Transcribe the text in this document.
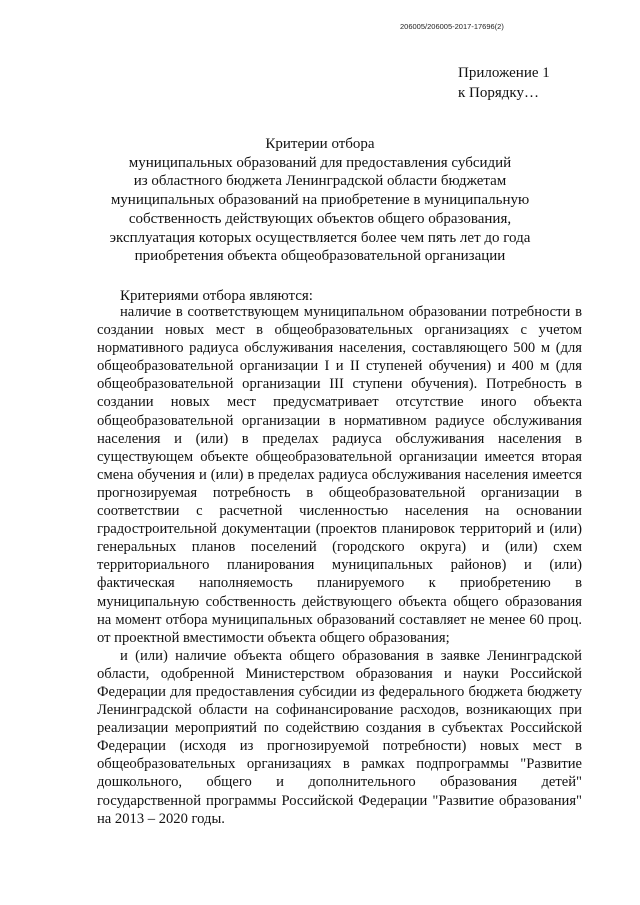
206005/206005-2017-17696(2)
Приложение 1
к Порядку…
Критерии отбора
муниципальных образований для предоставления субсидий
из областного бюджета Ленинградской области бюджетам
муниципальных образований на приобретение в муниципальную
собственность действующих объектов общего образования,
эксплуатация которых осуществляется более чем пять лет до года
приобретения объекта общеобразовательной организации
Критериями отбора являются:

наличие в соответствующем муниципальном образовании потребности в создании новых мест в общеобразовательных организациях с учетом нормативного радиуса обслуживания населения, составляющего 500 м (для общеобразовательной организации I и II ступеней обучения) и 400 м (для общеобразовательной организации III ступени обучения). Потребность в создании новых мест предусматривает отсутствие иного объекта общеобразовательной организации в нормативном радиусе обслуживания населения и (или) в пределах радиуса обслуживания населения в существующем объекте общеобразовательной организации имеется вторая смена обучения и (или) в пределах радиуса обслуживания населения имеется прогнозируемая потребность в общеобразовательной организации в соответствии с расчетной численностью населения на основании градостроительной документации (проектов планировок территорий и (или) генеральных планов поселений (городского округа) и (или) схем территориального планирования муниципальных районов) и (или) фактическая наполняемость планируемого к приобретению в муниципальную собственность действующего объекта общего образования на момент отбора муниципальных образований составляет не менее 60 проц. от проектной вместимости объекта общего образования;

и (или) наличие объекта общего образования в заявке Ленинградской области, одобренной Министерством образования и науки Российской Федерации для предоставления субсидии из федерального бюджета бюджету Ленинградской области на софинансирование расходов, возникающих при реализации мероприятий по содействию создания в субъектах Российской Федерации (исходя из прогнозируемой потребности) новых мест в общеобразовательных организациях в рамках подпрограммы "Развитие дошкольного, общего и дополнительного образования детей" государственной программы Российской Федерации "Развитие образования" на 2013 – 2020 годы.
